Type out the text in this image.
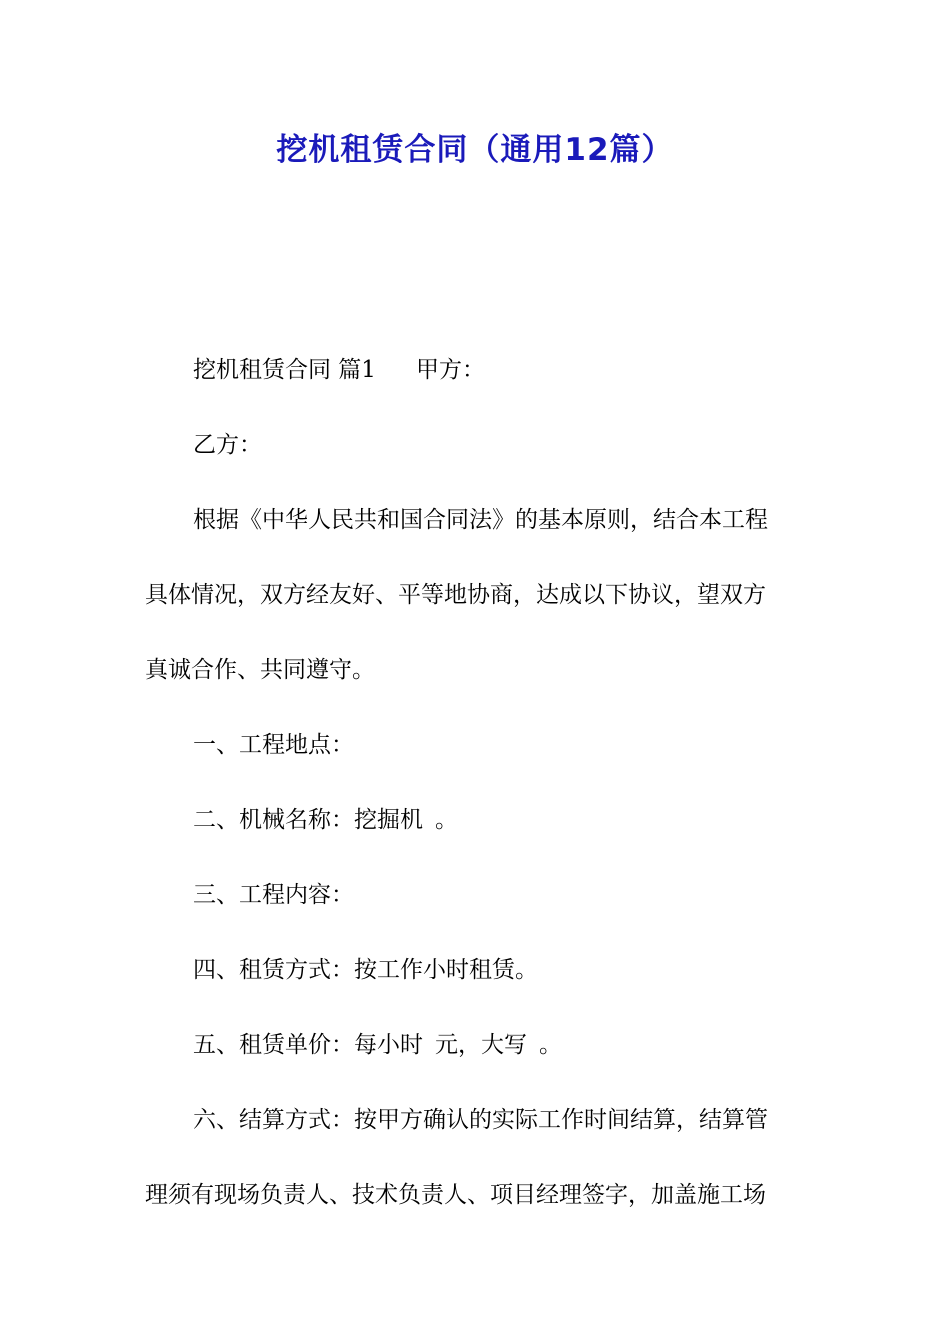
挖机租赁合同（通用12篇）

挖机租赁合同 篇1 甲方：

乙方：

根据《中华人民共和国合同法》的基本原则，结合本工程

具体情况，双方经友好、平等地协商，达成以下协议，望双方

真诚合作、共同遵守。

一、工程地点：

二、机械名称：挖掘机 。

三、工程内容：

四、租赁方式：按工作小时租赁。

五、租赁单价：每小时 元，大写 。

六、结算方式：按甲方确认的实际工作时间结算，结算管

理须有现场负责人、技术负责人、项目经理签字，加盖施工场
